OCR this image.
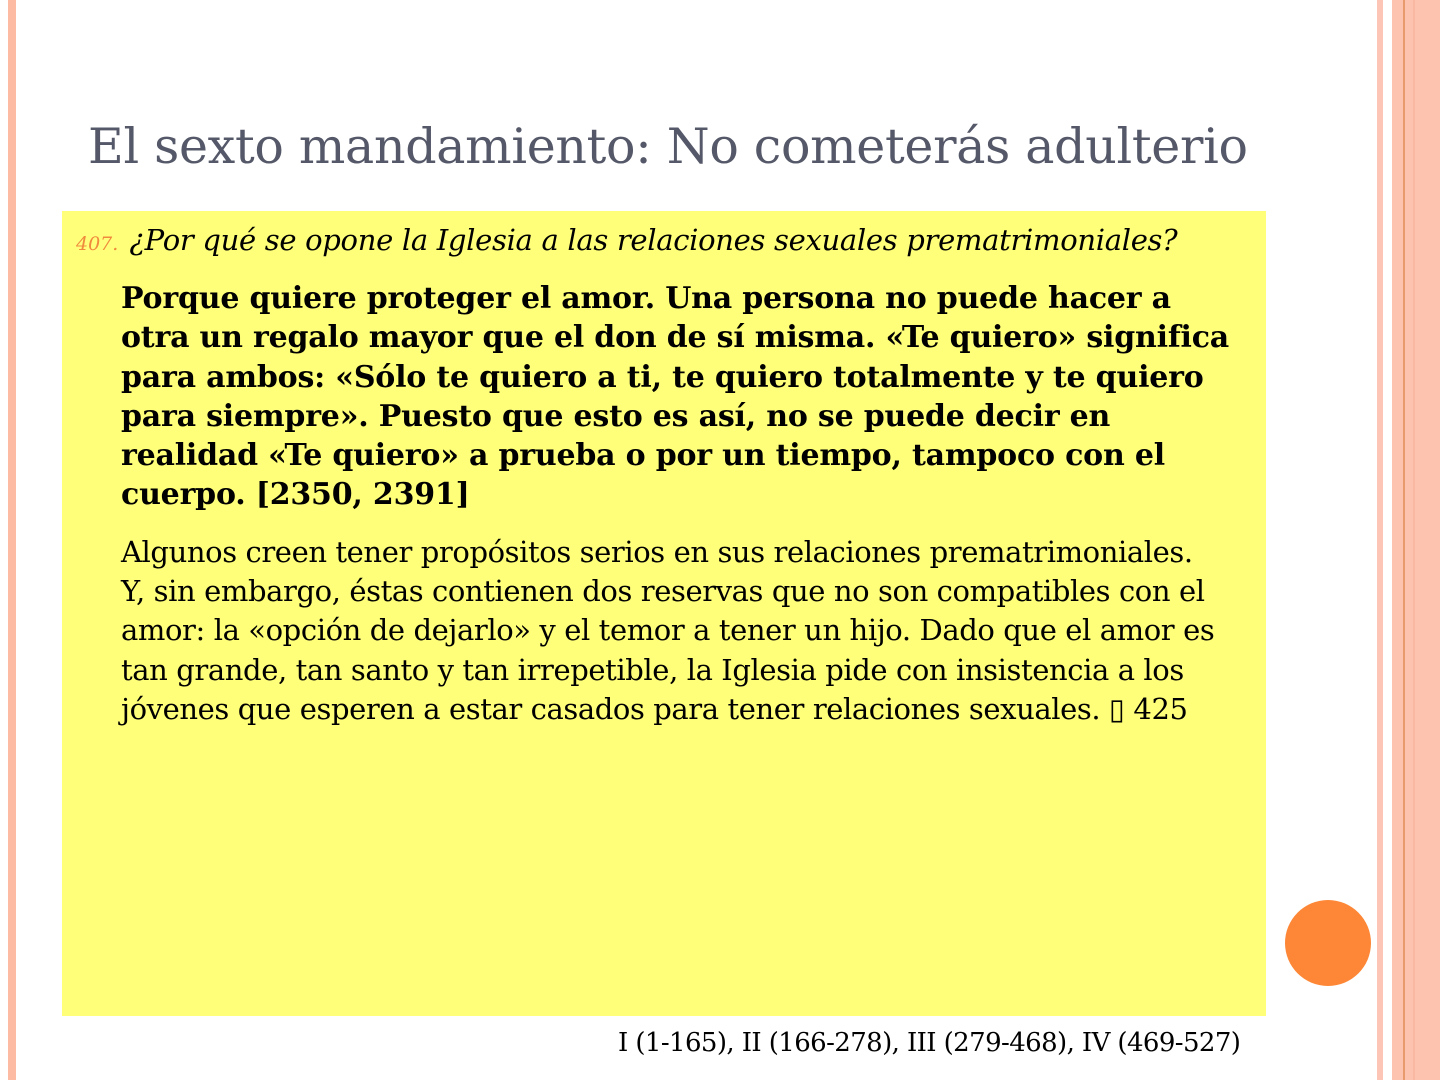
El sexto mandamiento: No cometerás adulterio
407. ¿Por qué se opone la Iglesia a las relaciones sexuales prematrimoniales?
Porque quiere proteger el amor. Una persona no puede hacer a
otra un regalo mayor que el don de sí misma. «Te quiero» significa
para ambos: «Sólo te quiero a ti, te quiero totalmente y te quiero
para siempre». Puesto que esto es así, no se puede decir en
realidad «Te quiero» a prueba o por un tiempo, tampoco con el
cuerpo. [2350, 2391]
Algunos creen tener propósitos serios en sus relaciones prematrimoniales.
Y, sin embargo, éstas contienen dos reservas que no son compatibles con el
amor: la «opción de dejarlo» y el temor a tener un hijo. Dado que el amor es
tan grande, tan santo y tan irrepetible, la Iglesia pide con insistencia a los
jóvenes que esperen a estar casados para tener relaciones sexuales. ▯ 425
I (1-165), II (166-278), III (279-468), IV (469-527)
